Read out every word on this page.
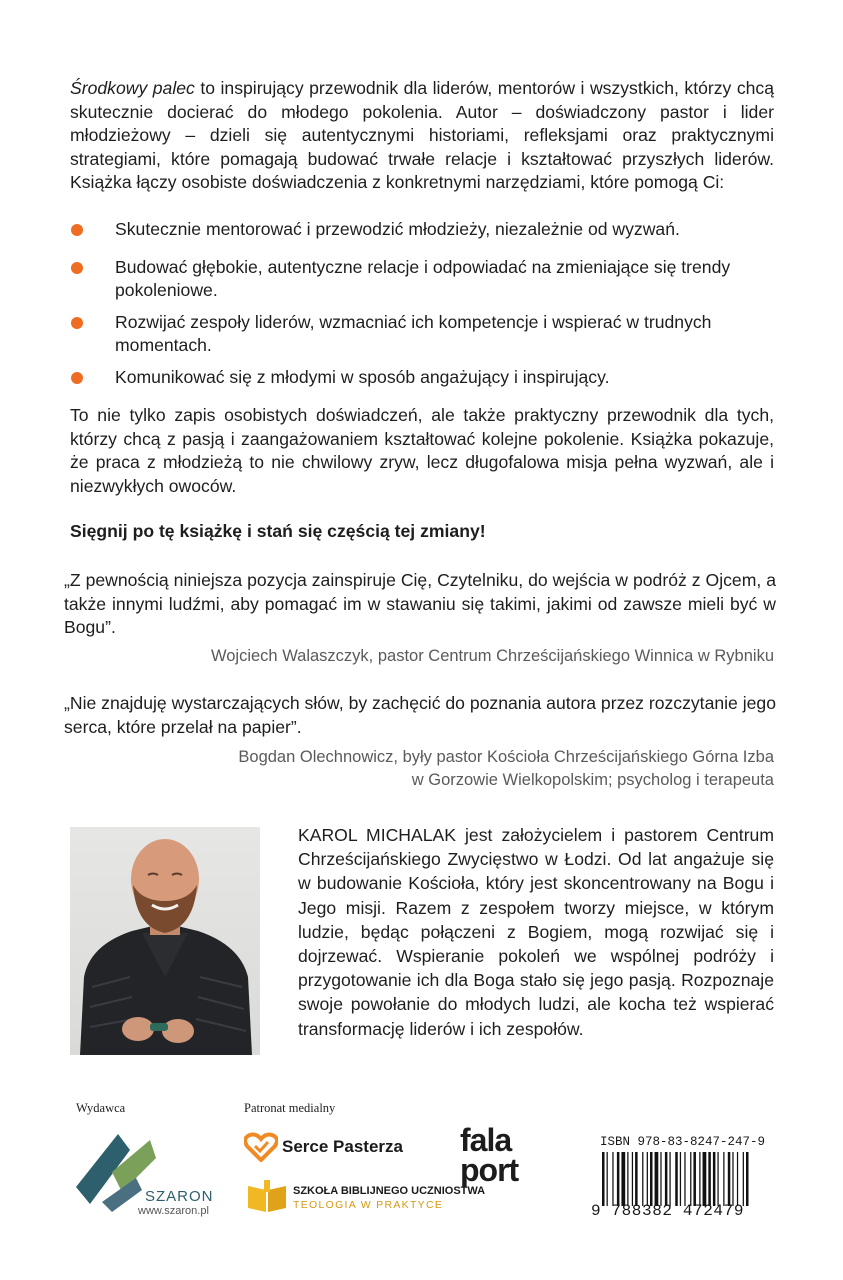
Środkowy palec to inspirujący przewodnik dla liderów, mentorów i wszystkich, którzy chcą skutecznie docierać do młodego pokolenia. Autor – doświadczony pastor i lider młodzieżowy – dzieli się autentycznymi historiami, refleksjami oraz praktycznymi strategiami, które pomagają budować trwałe relacje i kształtować przyszłych liderów. Książka łączy osobiste doświadczenia z konkretnymi narzędziami, które pomogą Ci:

Skutecznie mentorować i przewodzić młodzieży, niezależnie od wyzwań.
Budować głębokie, autentyczne relacje i odpowiadać na zmieniające się trendy pokoleniowe.
Rozwijać zespoły liderów, wzmacniać ich kompetencje i wspierać w trudnych momentach.
Komunikować się z młodymi w sposób angażujący i inspirujący.

To nie tylko zapis osobistych doświadczeń, ale także praktyczny przewodnik dla tych, którzy chcą z pasją i zaangażowaniem kształtować kolejne pokolenie. Książka pokazuje, że praca z młodzieżą to nie chwilowy zryw, lecz długofalowa misja pełna wyzwań, ale i niezwykłych owoców.

Sięgnij po tę książkę i stań się częścią tej zmiany!

„Z pewnością niniejsza pozycja zainspiruje Cię, Czytelniku, do wejścia w podróż z Ojcem, a także innymi ludźmi, aby pomagać im w stawaniu się takimi, jakimi od zawsze mieli być w Bogu”.

Wojciech Walaszczyk, pastor Centrum Chrześcijańskiego Winnica w Rybniku

„Nie znajduję wystarczających słów, by zachęcić do poznania autora przez rozczytanie jego serca, które przelał na papier”.

Bogdan Olechnowicz, były pastor Kościoła Chrześcijańskiego Górna Izba

w Gorzowie Wielkopolskim; psycholog i terapeuta

KAROL MICHALAK jest założycielem i pastorem Centrum Chrześcijańskiego Zwycięstwo w Łodzi. Od lat angażuje się w budowanie Kościoła, który jest skoncentrowany na Bogu i Jego misji. Razem z zespołem tworzy miejsce, w którym ludzie, będąc połączeni z Bogiem, mogą rozwijać się i dojrzewać. Wspieranie pokoleń we wspólnej podróży i przygotowanie ich dla Boga stało się jego pasją. Rozpoznaje swoje powołanie do młodych ludzi, ale kocha też wspierać transformację liderów i ich zespołów.

Wydawca	Patronat medialny
SZARON
www.szaron.pl
Serce Pasterza
SZKOŁA BIBLIJNEGO UCZNIOSTWA
TEOLOGIA W PRAKTYCE
fala
port
ISBN 978-83-8247-247-9
9 788382 472479
